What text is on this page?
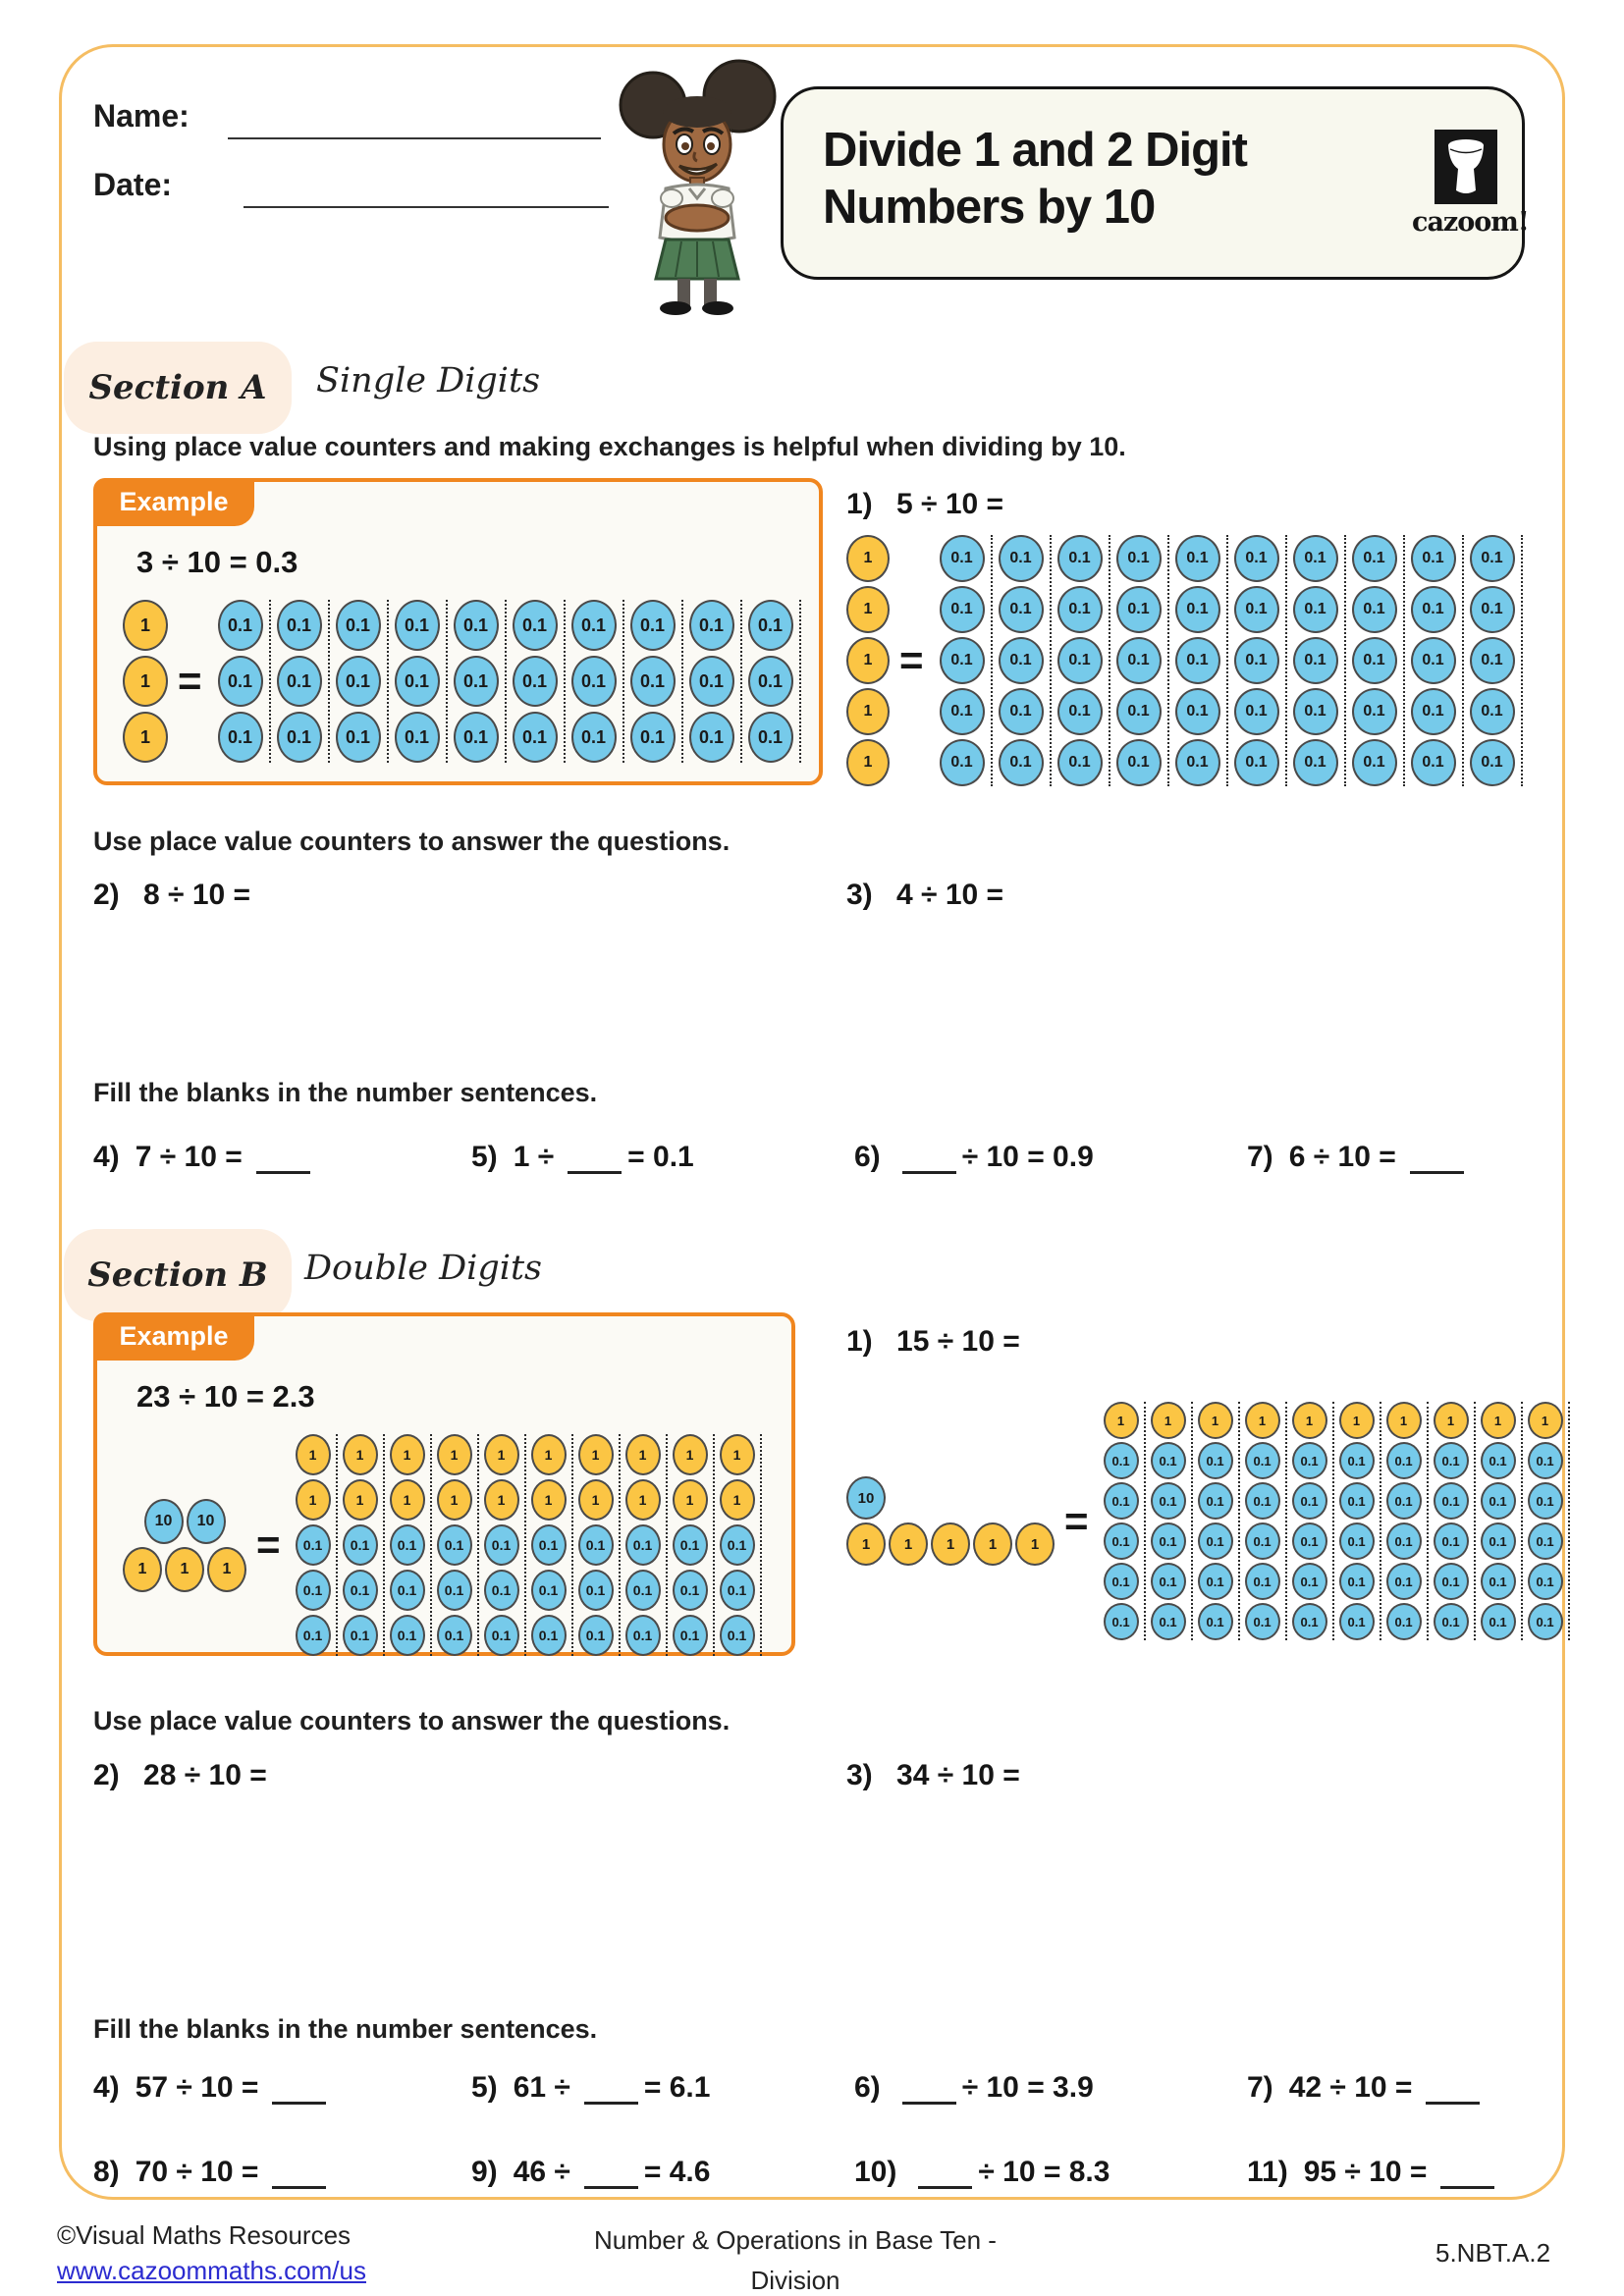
Name:
Date:
Divide 1 and 2 Digit
Numbers by 10	cazoom!
Section A Single Digits
Using place value counters and making exchanges is helpful when dividing by 10.
Example
3 ÷ 10 = 0.3
1
1
1
=
0.1
0.1
0.1
0.1
0.1
0.1
0.1
0.1
0.1
0.1
0.1
0.1
0.1
0.1
0.1
0.1
0.1
0.1
0.1
0.1
0.1
0.1
0.1
0.1
0.1
0.1
0.1
0.1
0.1
0.1
1) 5 ÷ 10 =
1
1
1
1
1
=
0.1
0.1
0.1
0.1
0.1
0.1
0.1
0.1
0.1
0.1
0.1
0.1
0.1
0.1
0.1
0.1
0.1
0.1
0.1
0.1
0.1
0.1
0.1
0.1
0.1
0.1
0.1
0.1
0.1
0.1
0.1
0.1
0.1
0.1
0.1
0.1
0.1
0.1
0.1
0.1
0.1
0.1
0.1
0.1
0.1
0.1
0.1
0.1
0.1
0.1
Use place value counters to answer the questions.
2) 8 ÷ 10 =	3) 4 ÷ 10 =
Fill the blanks in the number sentences.
4) 7 ÷ 10 =	5) 1 ÷	= 0.1	6)	÷ 10 = 0.9	7) 6 ÷ 10 =
Section B Double Digits
Example
23 ÷ 10 = 2.3
10	10
1	1	1
=
1
1
0.1
0.1
0.1
1
1
0.1
0.1
0.1
1
1
0.1
0.1
0.1
1
1
0.1
0.1
0.1
1
1
0.1
0.1
0.1
1
1
0.1
0.1
0.1
1
1
0.1
0.1
0.1
1
1
0.1
0.1
0.1
1
1
0.1
0.1
0.1
1
1
0.1
0.1
0.1
1) 15 ÷ 10 =
10
1	1	1	1	1
=
1
0.1
0.1
0.1
0.1
0.1
1
0.1
0.1
0.1
0.1
0.1
1
0.1
0.1
0.1
0.1
0.1
1
0.1
0.1
0.1
0.1
0.1
1
0.1
0.1
0.1
0.1
0.1
1
0.1
0.1
0.1
0.1
0.1
1
0.1
0.1
0.1
0.1
0.1
1
0.1
0.1
0.1
0.1
0.1
1
0.1
0.1
0.1
0.1
0.1
1
0.1
0.1
0.1
0.1
0.1
Use place value counters to answer the questions.
2) 28 ÷ 10 =	3) 34 ÷ 10 =
Fill the blanks in the number sentences.
4) 57 ÷ 10 =	5) 61 ÷	= 6.1	6)	÷ 10 = 3.9	7) 42 ÷ 10 =
8) 70 ÷ 10 =	9) 46 ÷	= 4.6	10)	÷ 10 = 8.3	11) 95 ÷ 10 =
©Visual Maths Resources
www.cazoommaths.com/us
Number & Operations in Base Ten -
Division
5.NBT.A.2
